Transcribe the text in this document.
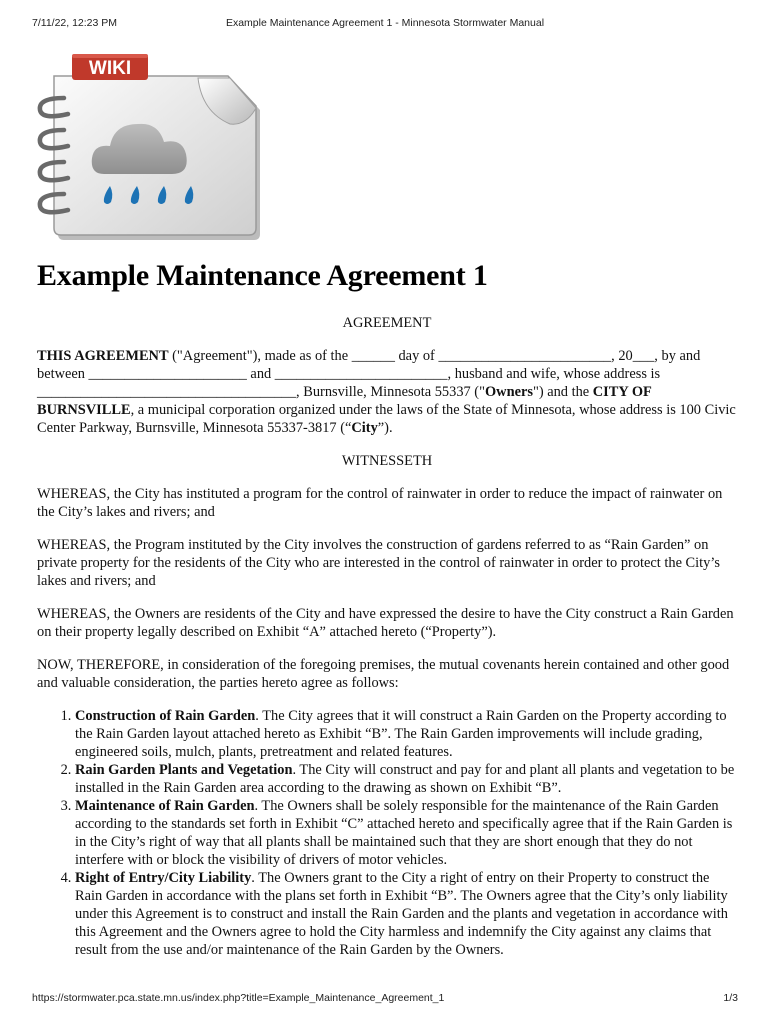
7/11/22, 12:23 PM	Example Maintenance Agreement 1 - Minnesota Stormwater Manual
WIKI
Example Maintenance Agreement 1

AGREEMENT

THIS AGREEMENT ("Agreement"), made as of the ______ day of ________________________, 20___, by and between ______________________ and ________________________, husband and wife, whose address is ____________________________________, Burnsville, Minnesota 55337 ("Owners") and the CITY OF BURNSVILLE, a municipal corporation organized under the laws of the State of Minnesota, whose address is 100 Civic Center Parkway, Burnsville, Minnesota 55337-3817 (“City”).

WITNESSETH

WHEREAS, the City has instituted a program for the control of rainwater in order to reduce the impact of rainwater on the City’s lakes and rivers; and

WHEREAS, the Program instituted by the City involves the construction of gardens referred to as “Rain Garden” on private property for the residents of the City who are interested in the control of rainwater in order to protect the City’s lakes and rivers; and

WHEREAS, the Owners are residents of the City and have expressed the desire to have the City construct a Rain Garden on their property legally described on Exhibit “A” attached hereto (“Property”).

NOW, THEREFORE, in consideration of the foregoing premises, the mutual covenants herein contained and other good and valuable consideration, the parties hereto agree as follows:

1. Construction of Rain Garden. The City agrees that it will construct a Rain Garden on the Property according to the Rain Garden layout attached hereto as Exhibit “B”. The Rain Garden improvements will include grading, engineered soils, mulch, plants, pretreatment and related features.
2. Rain Garden Plants and Vegetation. The City will construct and pay for and plant all plants and vegetation to be installed in the Rain Garden area according to the drawing as shown on Exhibit “B”.
3. Maintenance of Rain Garden. The Owners shall be solely responsible for the maintenance of the Rain Garden according to the standards set forth in Exhibit “C” attached hereto and specifically agree that if the Rain Garden is in the City’s right of way that all plants shall be maintained such that they are short enough that they do not interfere with or block the visibility of drivers of motor vehicles.
4. Right of Entry/City Liability. The Owners grant to the City a right of entry on their Property to construct the Rain Garden in accordance with the plans set forth in Exhibit “B”. The Owners agree that the City’s only liability under this Agreement is to construct and install the Rain Garden and the plants and vegetation in accordance with this Agreement and the Owners agree to hold the City harmless and indemnify the City against any claims that result from the use and/or maintenance of the Rain Garden by the Owners.
https://stormwater.pca.state.mn.us/index.php?title=Example_Maintenance_Agreement_1	1/3
